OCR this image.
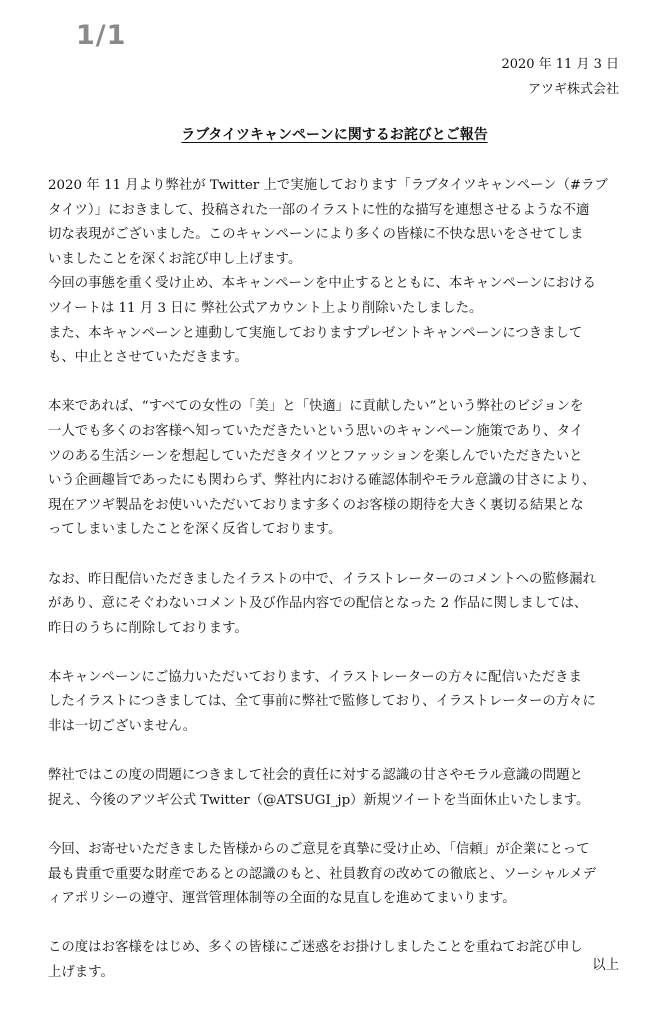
1/1
2020 年 11 月 3 日
アツギ株式会社
ラブタイツキャンペーンに関するお詫びとご報告
2020 年 11 月より弊社が Twitter 上で実施しております「ラブタイツキャンペーン（#ラブ
タイツ）」におきまして、投稿された一部のイラストに性的な描写を連想させるような不適
切な表現がございました。このキャンペーンにより多くの皆様に不快な思いをさせてしま
いましたことを深くお詫び申し上げます。
今回の事態を重く受け止め、本キャンペーンを中止するとともに、本キャンペーンにおける
ツイートは 11 月 3 日に 弊社公式アカウント上より削除いたしました。
また、本キャンペーンと連動して実施しておりますプレゼントキャンペーンにつきまして
も、中止とさせていただきます。
本来であれば、“すべての女性の「美」と「快適」に貢献したい”という弊社のビジョンを
一人でも多くのお客様へ知っていただきたいという思いのキャンペーン施策であり、タイ
ツのある生活シーンを想起していただきタイツとファッションを楽しんでいただきたいと
いう企画趣旨であったにも関わらず、弊社内における確認体制やモラル意識の甘さにより、
現在アツギ製品をお使いいただいております多くのお客様の期待を大きく裏切る結果とな
ってしまいましたことを深く反省しております。
なお、昨日配信いただきましたイラストの中で、イラストレーターのコメントへの監修漏れ
があり、意にそぐわないコメント及び作品内容での配信となった 2 作品に関しましては、
昨日のうちに削除しております。
本キャンペーンにご協力いただいております、イラストレーターの方々に配信いただきま
したイラストにつきましては、全て事前に弊社で監修しており、イラストレーターの方々に
非は一切ございません。
弊社ではこの度の問題につきまして社会的責任に対する認識の甘さやモラル意識の問題と
捉え、今後のアツギ公式 Twitter（@ATSUGI_jp）新規ツイートを当面休止いたします。
今回、お寄せいただきました皆様からのご意見を真摯に受け止め、「信頼」が企業にとって
最も貴重で重要な財産であるとの認識のもと、社員教育の改めての徹底と、ソーシャルメデ
ィアポリシーの遵守、運営管理体制等の全面的な見直しを進めてまいります。
この度はお客様をはじめ、多くの皆様にご迷惑をお掛けしましたことを重ねてお詫び申し
上げます。	以上
